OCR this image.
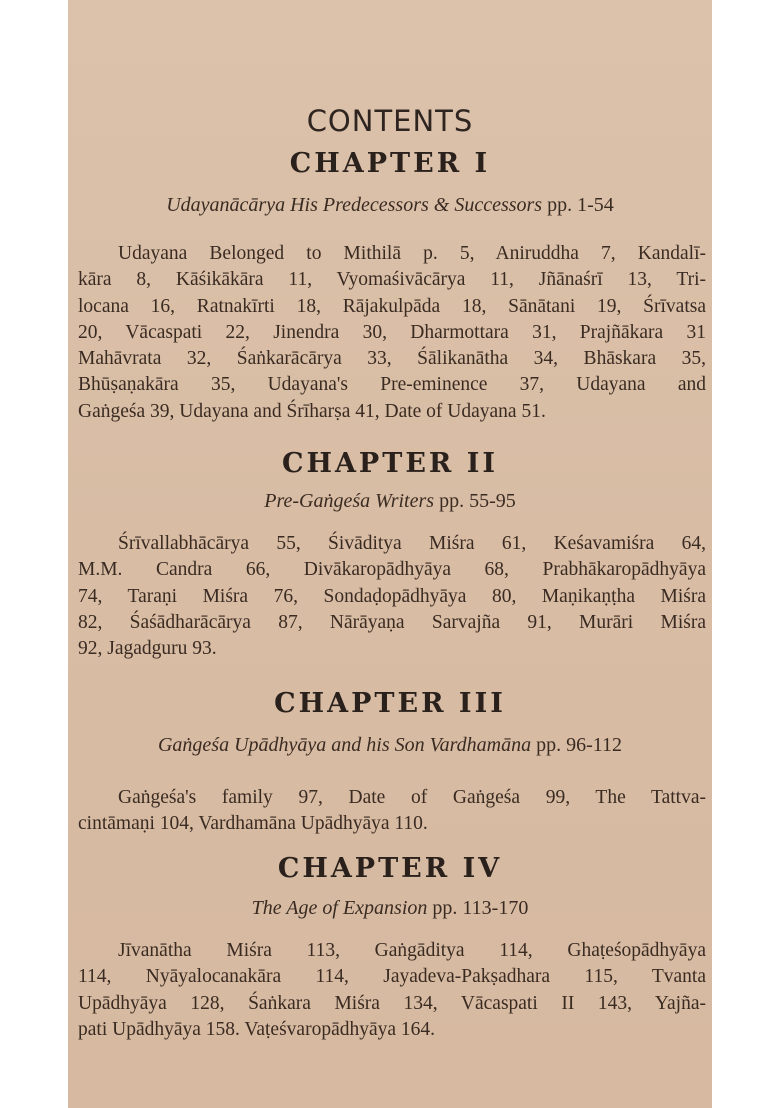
CONTENTS
CHAPTER I
Udayanācārya His Predecessors & Successors pp. 1-54
Udayana Belonged to Mithilā p. 5, Aniruddha 7, Kandalī-
kāra 8, Kāśikākāra 11, Vyomaśivācārya 11, Jñānaśrī 13, Tri-
locana 16, Ratnakīrti 18, Rājakulpāda 18, Sānātani 19, Śrīvatsa
20, Vācaspati 22, Jinendra 30, Dharmottara 31, Prajñākara 31
Mahāvrata 32, Śaṅkarācārya 33, Śālikanātha 34, Bhāskara 35,
Bhūṣaṇakāra 35, Udayana's Pre-eminence 37, Udayana and
Gaṅgeśa 39, Udayana and Śrīharṣa 41, Date of Udayana 51.
CHAPTER II
Pre-Gaṅgeśa Writers pp. 55-95
Śrīvallabhācārya 55, Śivāditya Miśra 61, Keśavamiśra 64,
M.M. Candra 66, Divākaropādhyāya 68, Prabhākaropādhyāya
74, Taraṇi Miśra 76, Sondaḍopādhyāya 80, Maṇikaṇṭha Miśra
82, Śaśādharācārya 87, Nārāyaṇa Sarvajña 91, Murāri Miśra
92, Jagadguru 93.
CHAPTER III
Gaṅgeśa Upādhyāya and his Son Vardhamāna pp. 96-112
Gaṅgeśa's family 97, Date of Gaṅgeśa 99, The Tattva-
cintāmaṇi 104, Vardhamāna Upādhyāya 110.
CHAPTER IV
The Age of Expansion pp. 113-170
Jīvanātha Miśra 113, Gaṅgāditya 114, Ghaṭeśopādhyāya
114, Nyāyalocanakāra 114, Jayadeva-Pakṣadhara 115, Tvanta
Upādhyāya 128, Śaṅkara Miśra 134, Vācaspati II 143, Yajña-
pati Upādhyāya 158. Vaṭeśvaropādhyāya 164.
